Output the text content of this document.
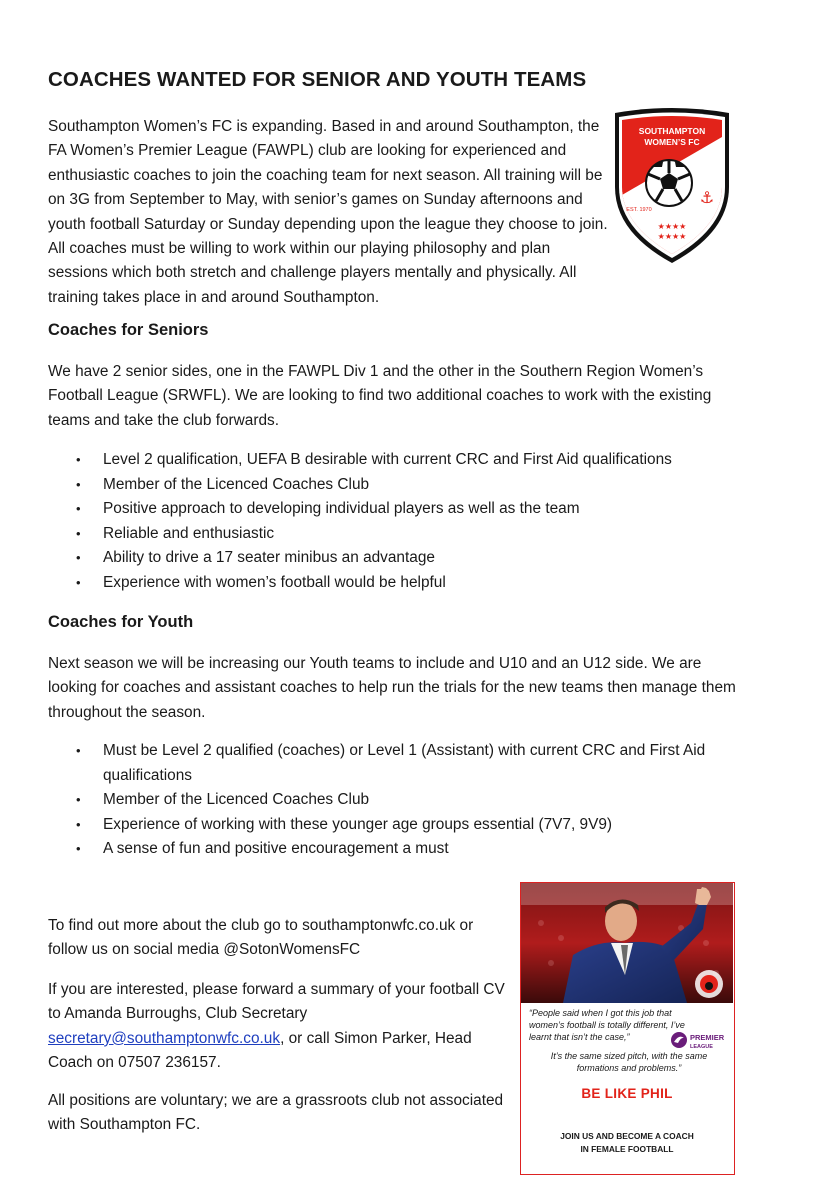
COACHES WANTED FOR SENIOR AND YOUTH TEAMS

Southampton Women’s FC is expanding. Based in and around Southampton, the FA Women’s Premier League (FAWPL) club are looking for experienced and enthusiastic coaches to join the coaching team for next season. All training will be on 3G from September to May, with senior’s games on Sunday afternoons and youth football Saturday or Sunday depending upon the league they choose to join. All coaches must be willing to work within our playing philosophy and plan sessions which both stretch and challenge players mentally and physically. All training takes place in and around Southampton.

⚓
EST. 1970
SOUTHAMPTON
WOMEN’S FC
★★★★
★★★★
Coaches for Seniors

We have 2 senior sides, one in the FAWPL Div 1 and the other in the Southern Region Women’s Football League (SRWFL). We are looking to find two additional coaches to work with the existing teams and take the club forwards.

• Level 2 qualification, UEFA B desirable with current CRC and First Aid qualifications
• Member of the Licenced Coaches Club
• Positive approach to developing individual players as well as the team
• Reliable and enthusiastic
• Ability to drive a 17 seater minibus an advantage
• Experience with women’s football would be helpful
Coaches for Youth

Next season we will be increasing our Youth teams to include and U10 and an U12 side. We are looking for coaches and assistant coaches to help run the trials for the new teams then manage them throughout the season.

• Must be Level 2 qualified (coaches) or Level 1 (Assistant) with current CRC and First Aid qualifications
• Member of the Licenced Coaches Club
• Experience of working with these younger age groups essential (7V7, 9V9)
• A sense of fun and positive encouragement a must

To find out more about the club go to southamptonwfc.co.uk or follow us on social media @SotonWomensFC

If you are interested, please forward a summary of your football CV to Amanda Burroughs, Club Secretary secretary@southamptonwfc.co.uk, or call Simon Parker, Head Coach on 07507 236157.

All positions are voluntary; we are a grassroots club not associated with Southampton FC.

“People said when I got this job that women’s football is totally different, I’ve learnt that isn’t the case,”	PREMIER
LEAGUE

It’s the same sized pitch, with the same formations and problems.”

BE LIKE PHIL

JOIN US AND BECOME A COACH
IN FEMALE FOOTBALL
